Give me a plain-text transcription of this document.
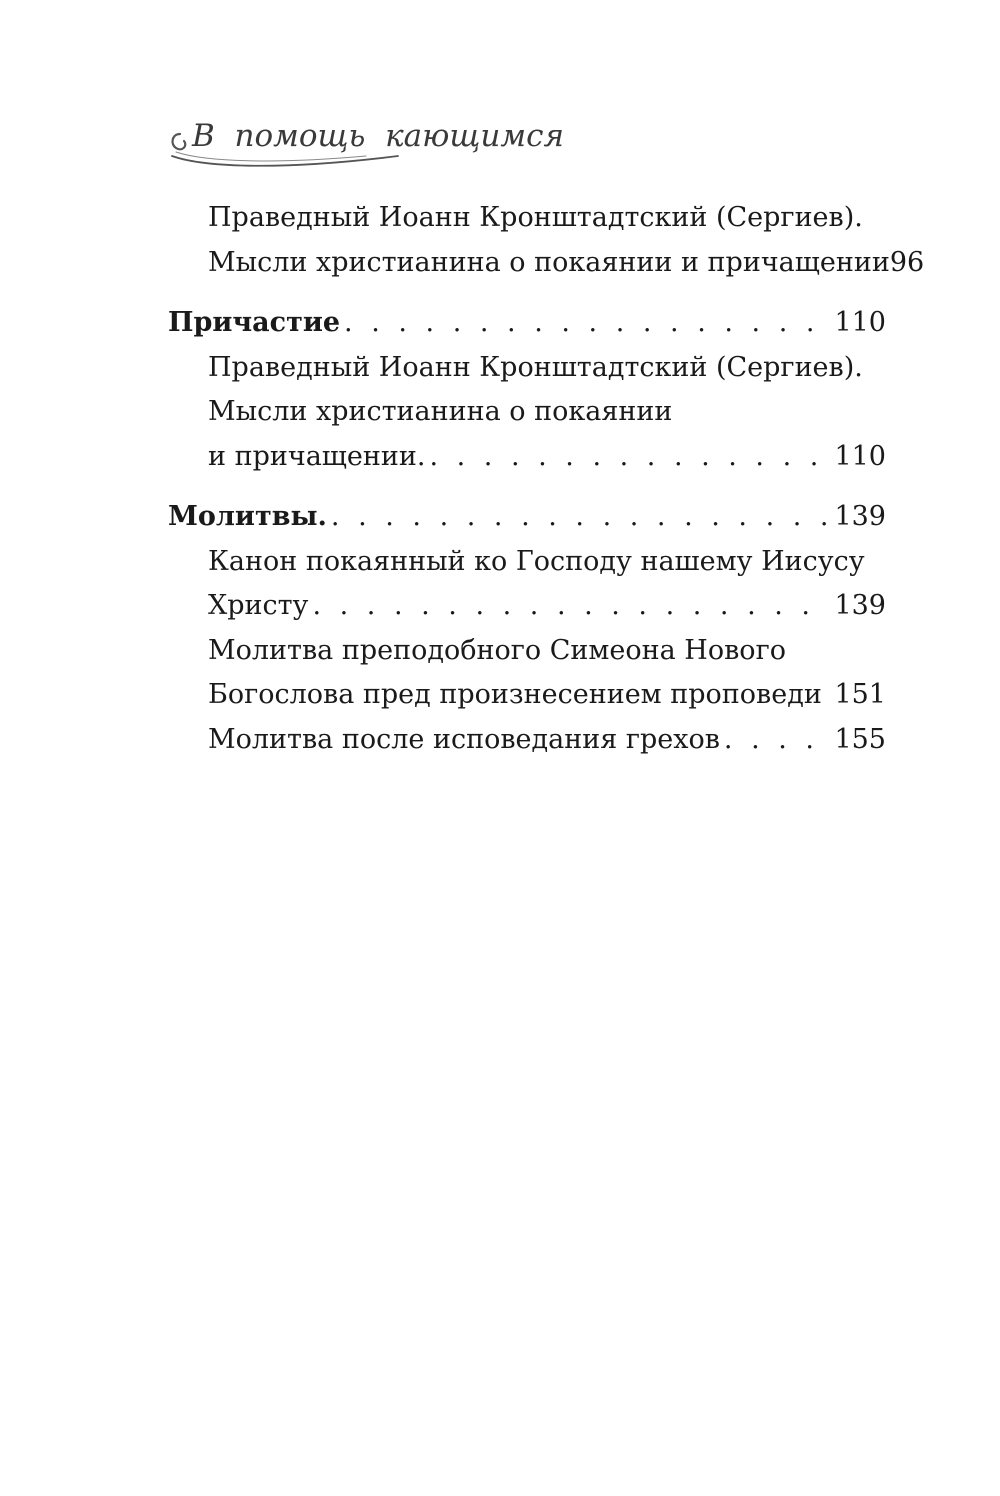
В  помощь  кающимся
Праведный Иоанн Кронштадтский (Сергиев).
Мысли христианина о покаянии и причащении 96
Причастие . . .	110
Праведный Иоанн Кронштадтский (Сергиев).
Мысли христианина о покаянии
и причащении. . . .	110
Молитвы. . . .	139
Канон покаянный ко Господу нашему Иисусу
Христу . . .	139
Молитва преподобного Симеона Нового
Богослова пред произнесением проповеди . . . 151
Молитва после исповедания грехов . . .	155
